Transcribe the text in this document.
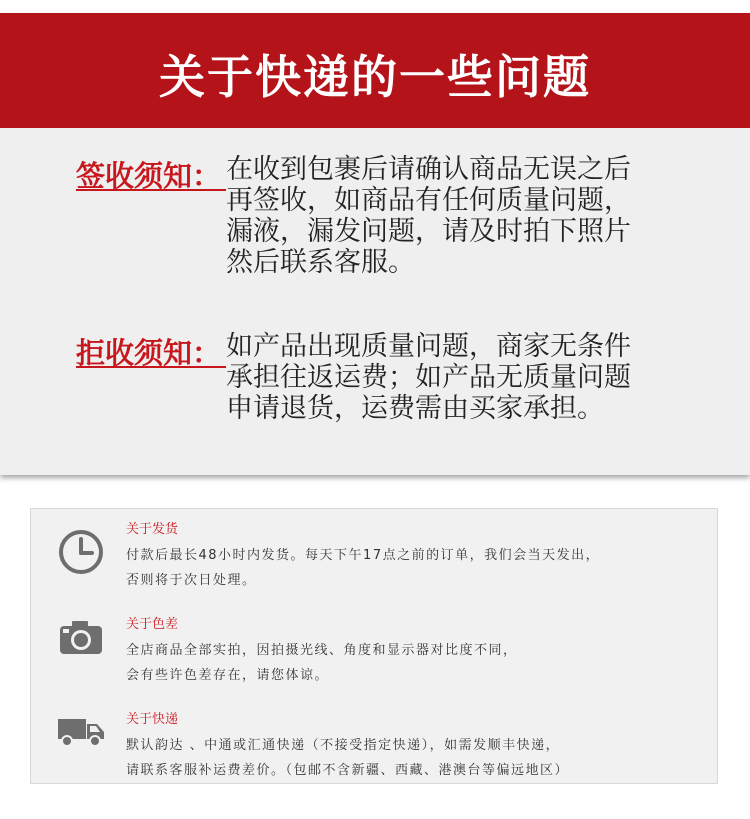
关于快递的一些问题
签收须知： 在收到包裹后请确认商品无误之后
再签收，如商品有任何质量问题，
漏液，漏发问题，请及时拍下照片
然后联系客服。
拒收须知： 如产品出现质量问题，商家无条件
承担往返运费；如产品无质量问题
申请退货，运费需由买家承担。
关于发货
付款后最长48小时内发货。每天下午17点之前的订单，我们会当天发出，
否则将于次日处理。
关于色差
全店商品全部实拍，因拍摄光线、角度和显示器对比度不同，
会有些许色差存在，请您体谅。
关于快递
默认韵达 、中通或汇通快递（不接受指定快递），如需发顺丰快递，
请联系客服补运费差价。（包邮不含新疆、西藏、港澳台等偏远地区）
